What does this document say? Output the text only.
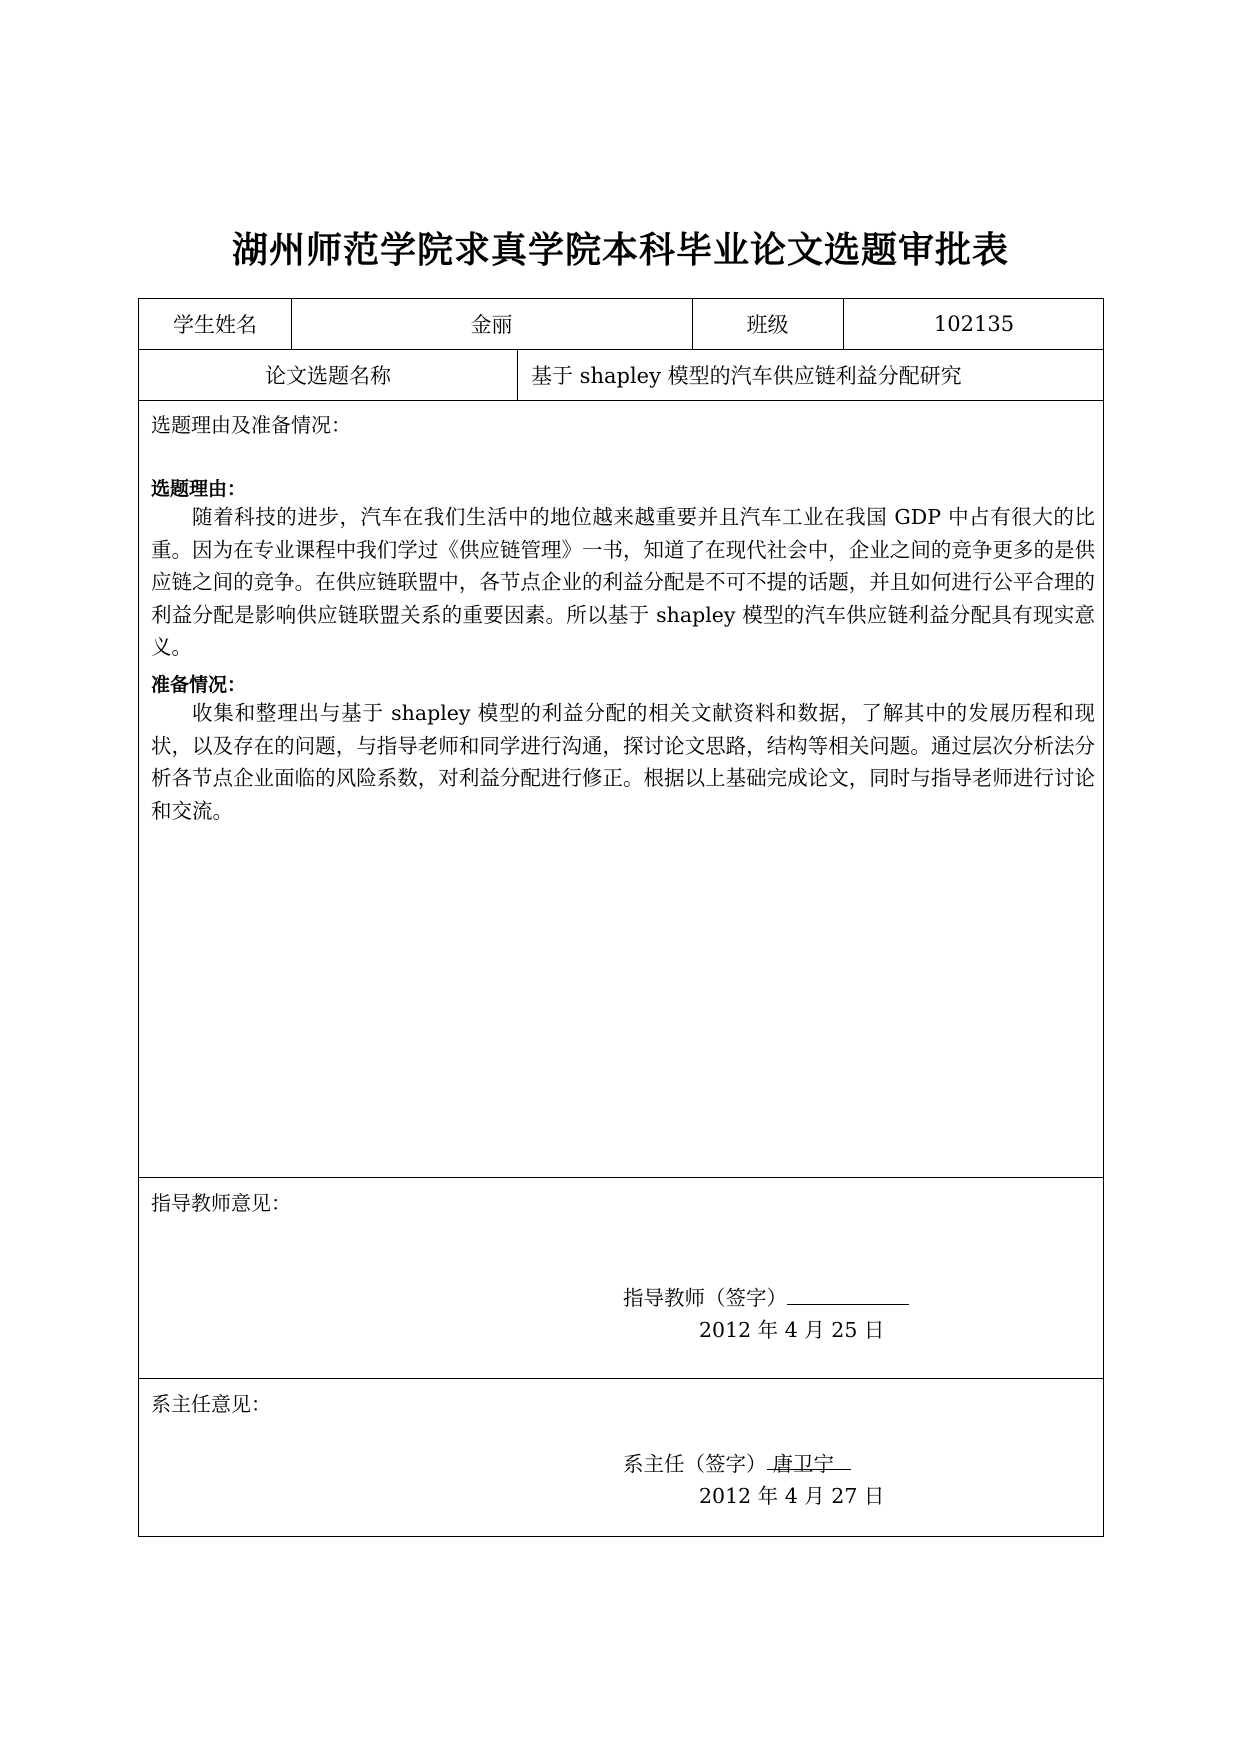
湖州师范学院求真学院本科毕业论文选题审批表
学生姓名	金丽	班级	102135
论文选题名称	基于 shapley 模型的汽车供应链利益分配研究
选题理由及准备情况：
选题理由：

随着科技的进步，汽车在我们生活中的地位越来越重要并且汽车工业在我国 GDP 中占有很大的比重。因为在专业课程中我们学过《供应链管理》一书，知道了在现代社会中，企业之间的竞争更多的是供应链之间的竞争。在供应链联盟中，各节点企业的利益分配是不可不提的话题，并且如何进行公平合理的利益分配是影响供应链联盟关系的重要因素。所以基于 shapley 模型的汽车供应链利益分配具有现实意义。

准备情况：

收集和整理出与基于 shapley 模型的利益分配的相关文献资料和数据，了解其中的发展历程和现状，以及存在的问题，与指导老师和同学进行沟通，探讨论文思路，结构等相关问题。通过层次分析法分析各节点企业面临的风险系数，对利益分配进行修正。根据以上基础完成论文，同时与指导老师进行讨论和交流。

指导教师意见：
指导教师（签字）
2012 年 4 月 25 日
系主任意见：
系主任（签字） 唐卫宁
2012 年 4 月 27 日
